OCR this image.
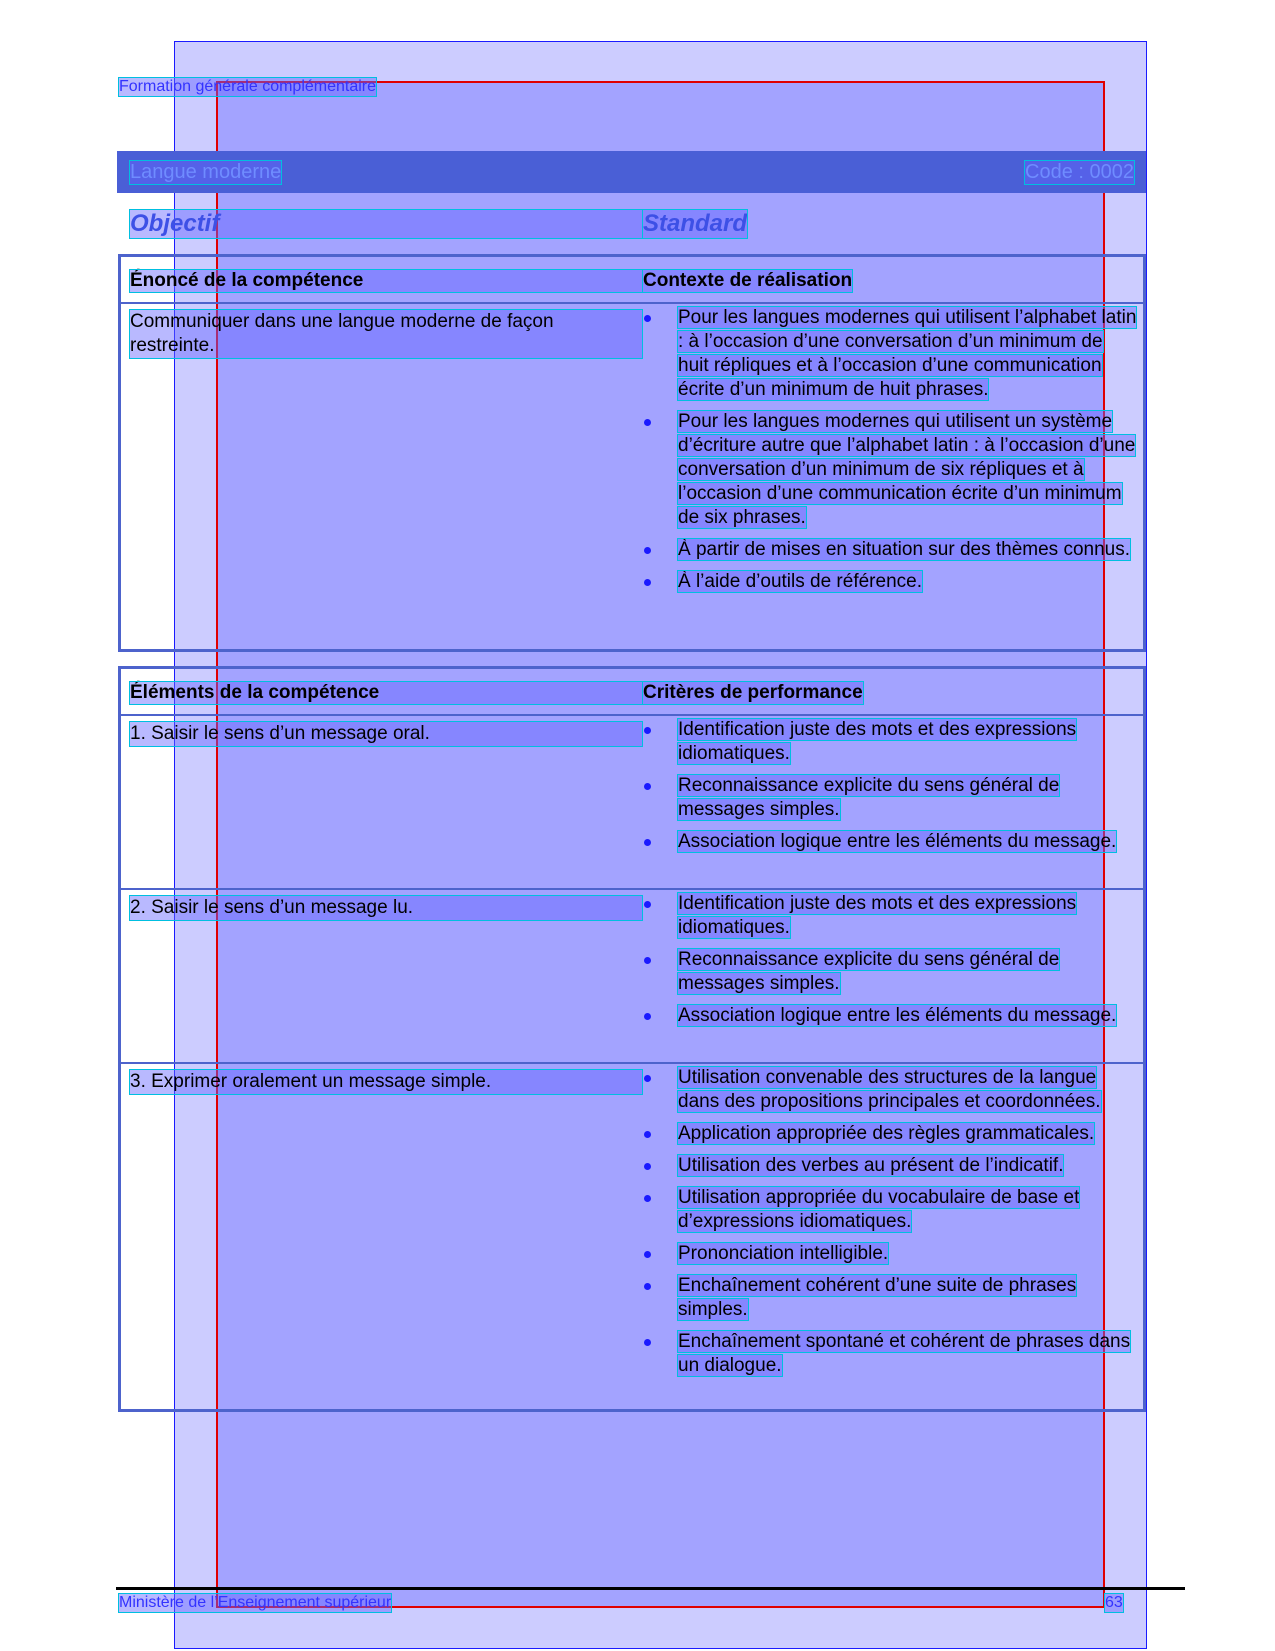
Formation générale complémentaire
Langue moderne	Code : 0002
Objectif	Standard
Énoncé de la compétence	Contexte de réalisation
Communiquer dans une langue moderne de façon restreinte.
Pour les langues modernes qui utilisent l’alphabet latin : à l’occasion d’une conversation d’un minimum de huit répliques et à l’occasion d’une communication écrite d’un minimum de huit phrases.
Pour les langues modernes qui utilisent un système d’écriture autre que l’alphabet latin : à l’occasion d’une conversation d’un minimum de six répliques et à l’occasion d’une communication écrite d’un minimum de six phrases.
À partir de mises en situation sur des thèmes connus.
À l’aide d’outils de référence.
Éléments de la compétence	Critères de performance
1. Saisir le sens d’un message oral.	Identification juste des mots et des expressions idiomatiques.
Reconnaissance explicite du sens général de messages simples.
Association logique entre les éléments du message.
2. Saisir le sens d’un message lu.	Identification juste des mots et des expressions idiomatiques.
Reconnaissance explicite du sens général de messages simples.
Association logique entre les éléments du message.
3. Exprimer oralement un message simple.	Utilisation convenable des structures de la langue dans des propositions principales et coordonnées.
Application appropriée des règles grammaticales.
Utilisation des verbes au présent de l’indicatif.
Utilisation appropriée du vocabulaire de base et d’expressions idiomatiques.
Prononciation intelligible.
Enchaînement cohérent d’une suite de phrases simples.
Enchaînement spontané et cohérent de phrases dans un dialogue.
Ministère de l’Enseignement supérieur	63
